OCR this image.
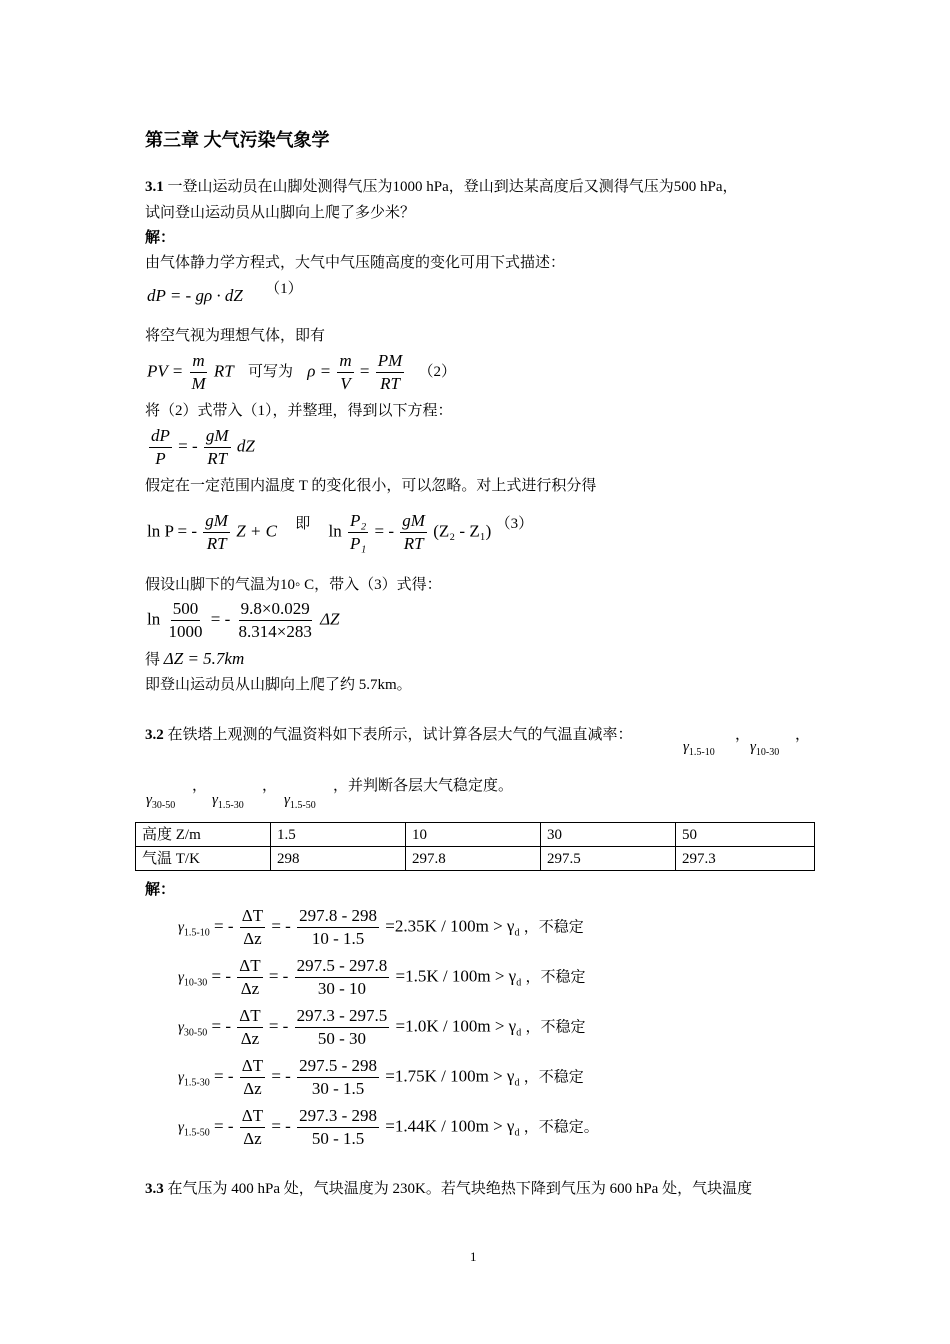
第三章 大气污染气象学
3.1 一登山运动员在山脚处测得气压为1000 hPa，登山到达某高度后又测得气压为500 hPa，
试问登山运动员从山脚向上爬了多少米？
解：
由气体静力学方程式，大气中气压随高度的变化可用下式描述：
dP = - gρ · dZ （1）
将空气视为理想气体，即有
PV = $\frac{m}{M}$ RT 可写为 $\rho = \frac{m}{V} = \frac{PM}{RT} (2)$
将（2）式带入（1），并整理，得到以下方程：
$\frac{dP}{P}$ = - $\frac{gM}{RT}$ dZ
假定在一定范围内温度 T 的变化很小，可以忽略。对上式进行积分得
ln P = - $\frac{gM}{RT}$ Z + C 即 $\ln \frac{\text{P₂}}{\text{P₁}}$ = - $\frac{gM}{RT} (Z_2 - Z_1)$ （3）
假设山脚下的气温为10◦ C，带入（3）式得：
$\ln \frac{500}{1000}$ = - $\frac{9.8\times 0.029}{8.314\times 283}$ ΔZ
得 ΔZ = 5.7km
即登山运动员从山脚向上爬了约 5.7km。
3.2 在铁塔上观测的气温资料如下表所示，试计算各层大气的气温直减率：
$\gamma_{1.5-10}$
，
$\gamma_{10-30}$
，
$\gamma_{30-50}$
，
$\gamma_{1.5-30}$
，
$\gamma_{1.5-50}$
，并判断各层大气稳定度。
高度 Z/m	1.5	10	30	50
气温 T/K	298	297.8	297.5	297.3
解：
$\gamma_{1.5-10}$ = - $\frac{\Delta T}{\Delta z}$ = - $\frac{297.8 - 298}{10 - 1.5} =2.35K / 100m > \gamma_d$ ，不稳定
$\gamma_{10-30}$ = - $\frac{\Delta T}{\Delta z}$ = - $\frac{297.5 - 297.8}{30 - 10} =1.5K / 100m > \gamma_d$ ，不稳定
$\gamma_{30-50}$ = - $\frac{\Delta T}{\Delta z}$ = - $\frac{297.3 - 297.5}{50 - 30} =1.0K / 100m > \gamma_d$ ，不稳定
$\gamma_{1.5-30}$ = - $\frac{\Delta T}{\Delta z}$ = - $\frac{297.5 - 298}{30 - 1.5} =1.75K / 100m > \gamma_d$ ，不稳定
$\gamma_{1.5-50}$ = - $\frac{\Delta T}{\Delta z}$ = - $\frac{297.3 - 298}{50 - 1.5} =1.44K / 100m > \gamma_d$ ，不稳定。
3.3 在气压为 400 hPa 处，气块温度为 230K。若气块绝热下降到气压为 600 hPa 处，气块温度
1
